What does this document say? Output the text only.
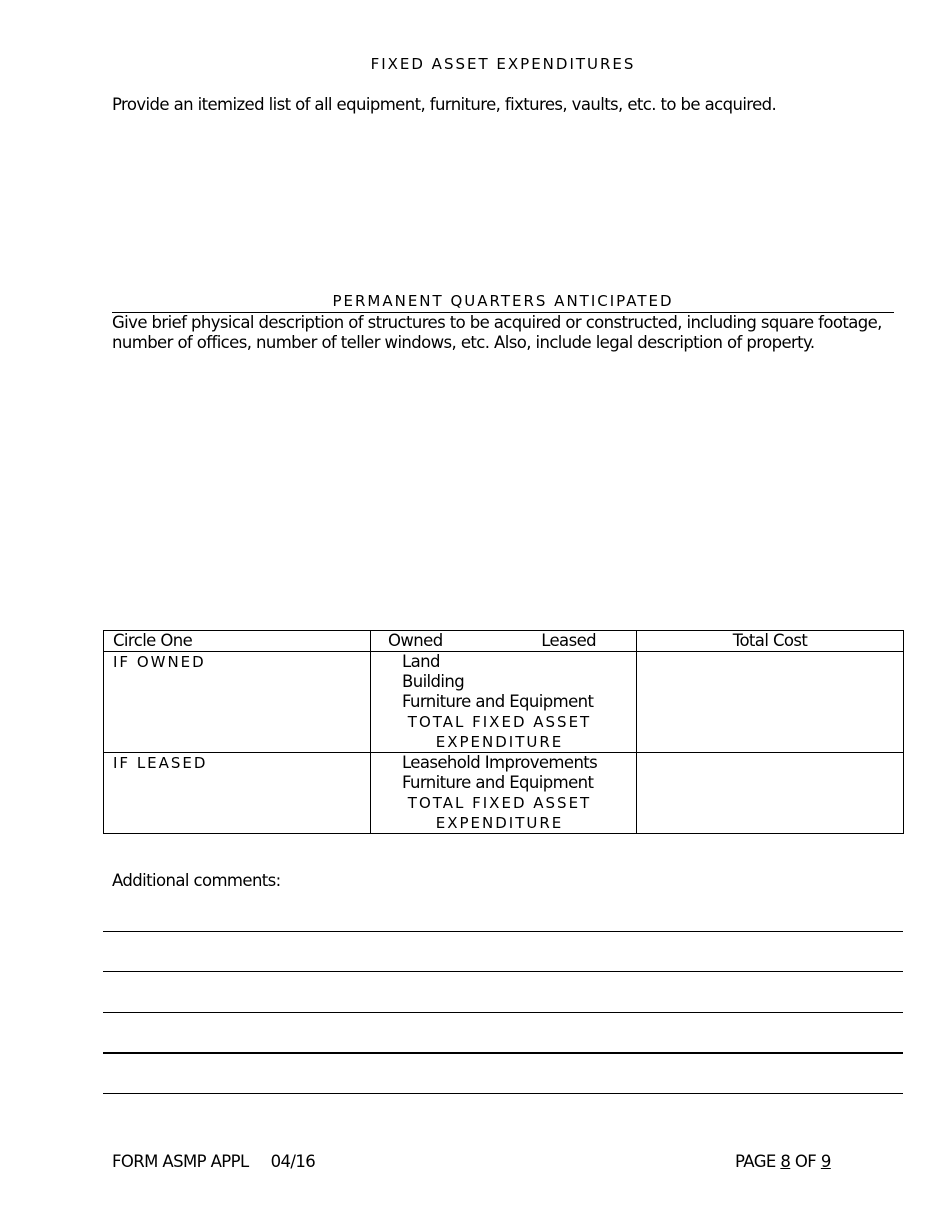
FIXED ASSET EXPENDITURES
Provide an itemized list of all equipment, furniture, fixtures, vaults, etc. to be acquired.
PERMANENT QUARTERS ANTICIPATED
Give brief physical description of structures to be acquired or constructed, including square footage, number of offices, number of teller windows, etc. Also, include legal description of property.
Circle One	Owned Leased	Total Cost
IF OWNED	Land
Building
Furniture and Equipment
TOTAL FIXED ASSET
EXPENDITURE	

IF LEASED	Leasehold Improvements
Furniture and Equipment
TOTAL FIXED ASSET
EXPENDITURE	

Additional comments:
FORM ASMP APPL 04/16	PAGE 8 OF 9
